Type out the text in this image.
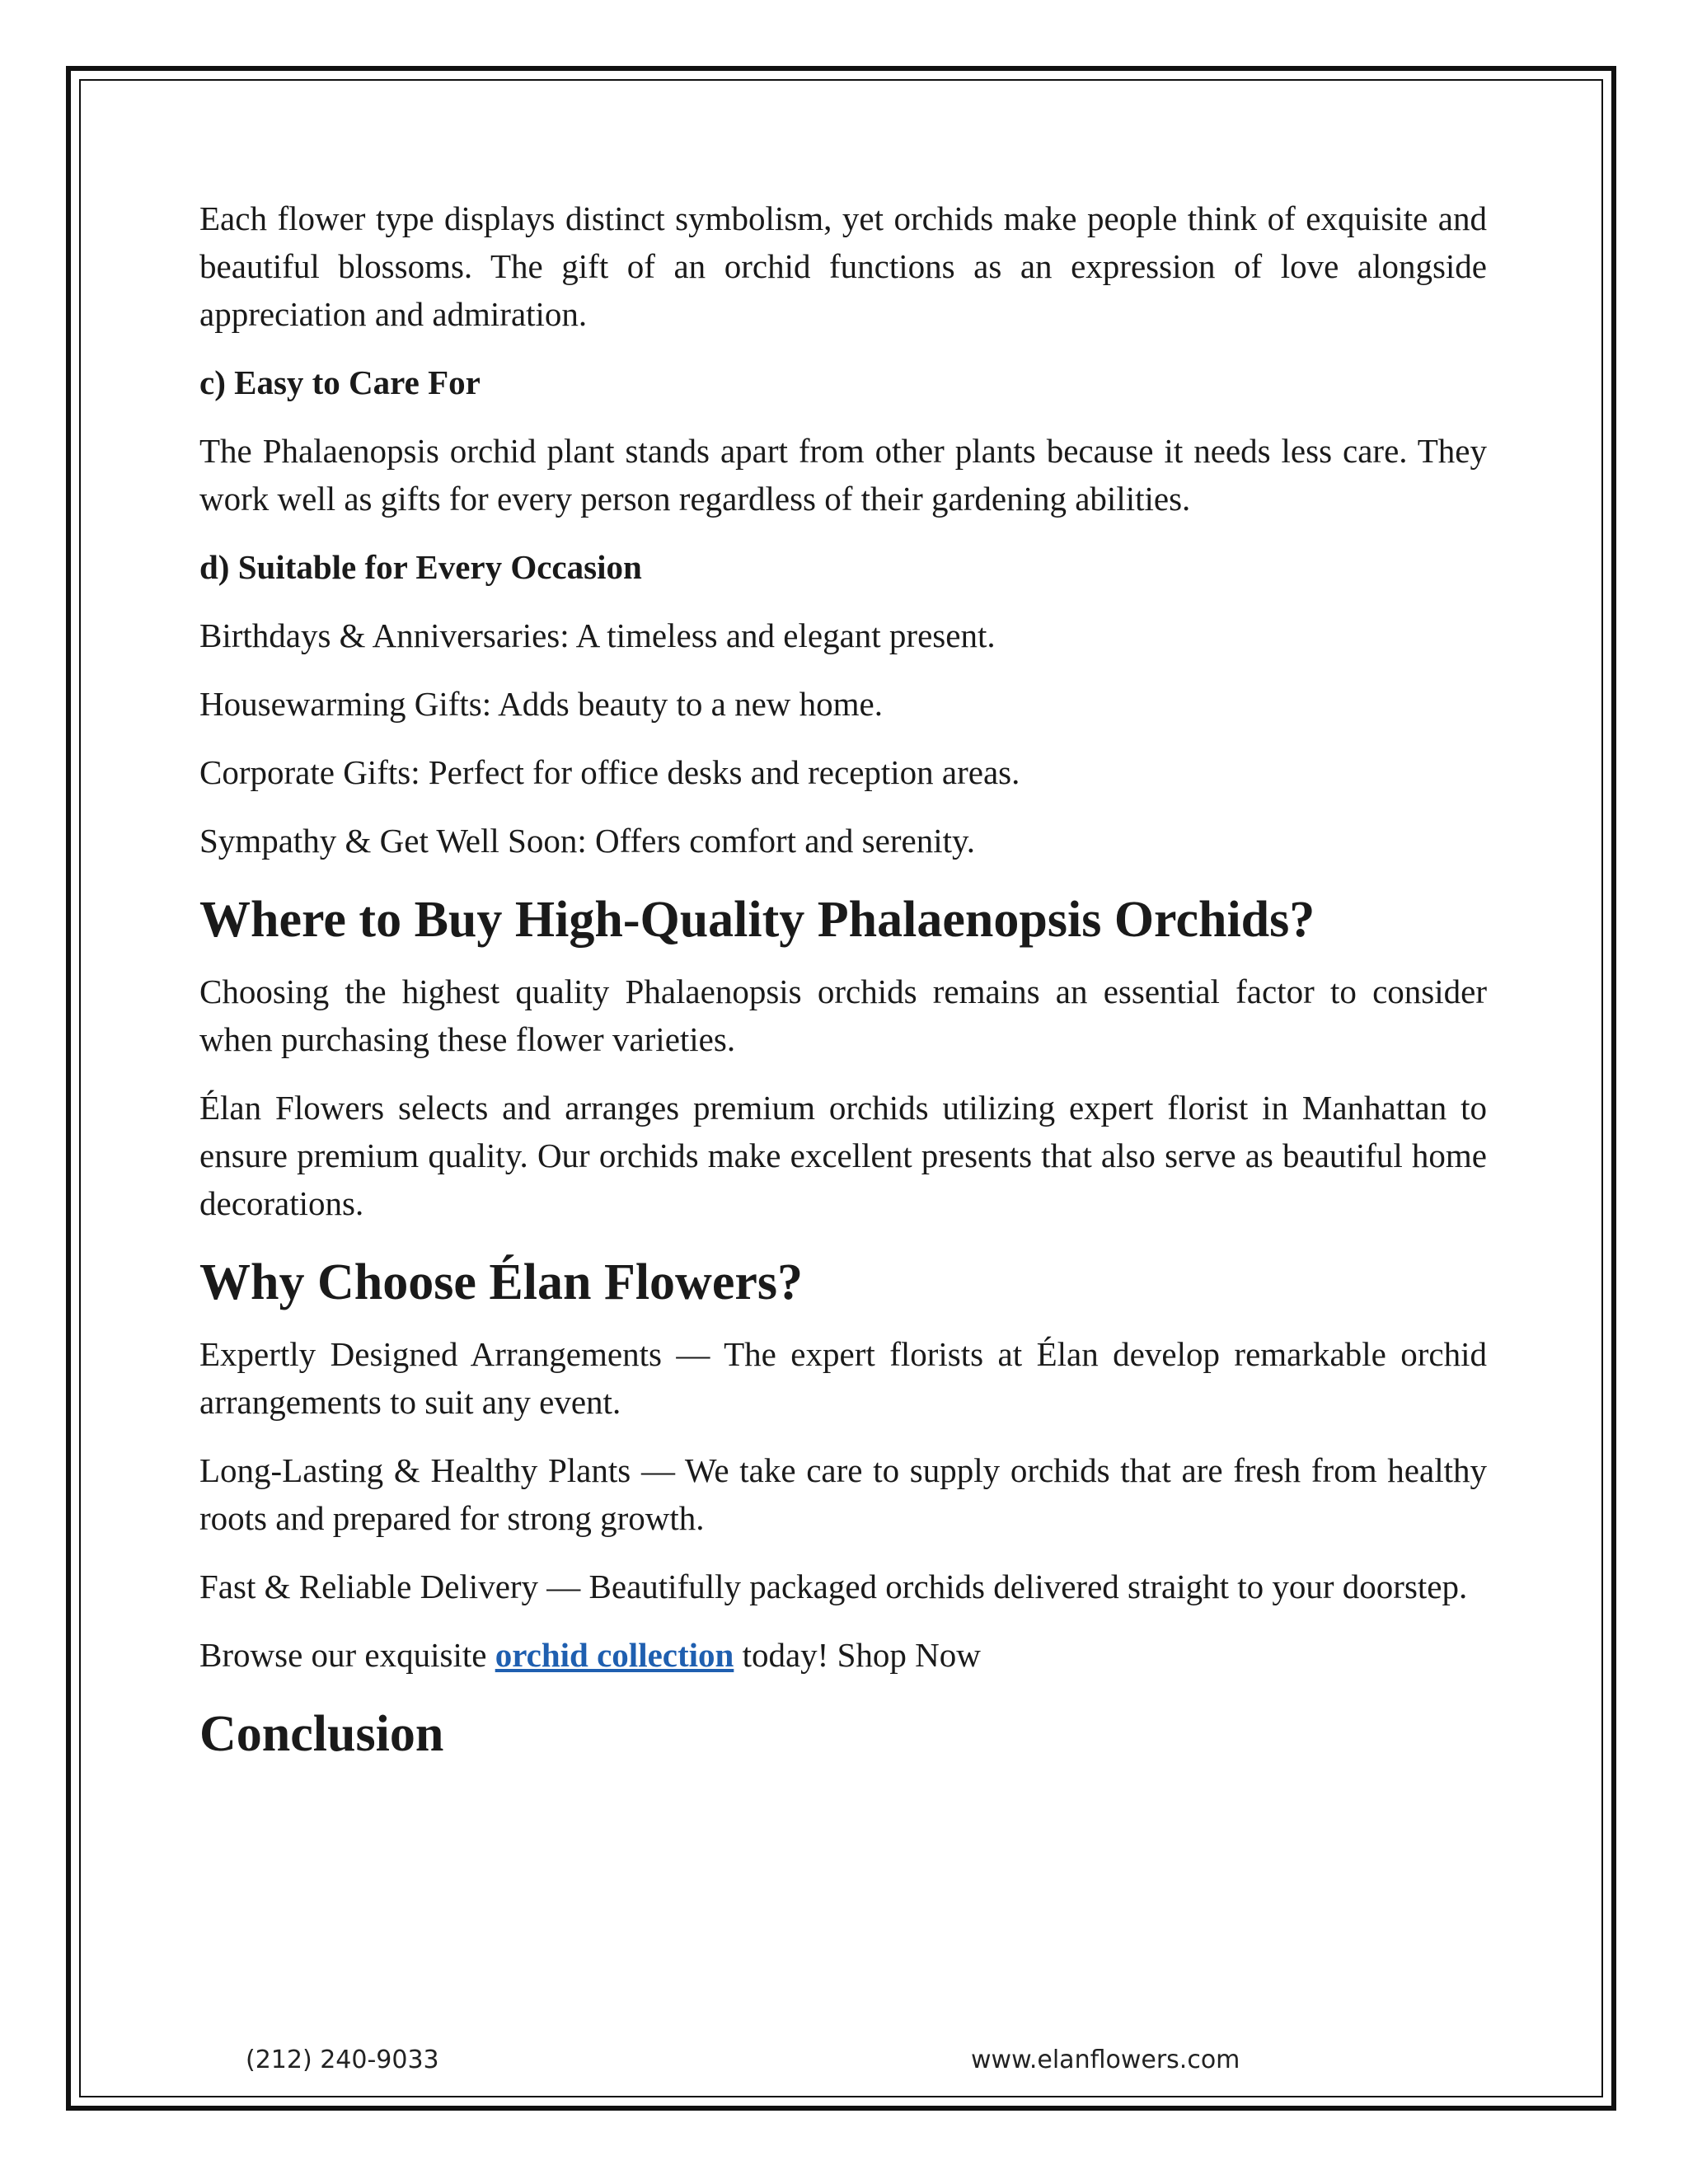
Each flower type displays distinct symbolism, yet orchids make people think of exquisite and beautiful blossoms. The gift of an orchid functions as an expression of love alongside appreciation and admiration.

c) Easy to Care For

The Phalaenopsis orchid plant stands apart from other plants because it needs less care. They work well as gifts for every person regardless of their gardening abilities.

d) Suitable for Every Occasion

Birthdays & Anniversaries: A timeless and elegant present.

Housewarming Gifts: Adds beauty to a new home.

Corporate Gifts: Perfect for office desks and reception areas.

Sympathy & Get Well Soon: Offers comfort and serenity.

Where to Buy High-Quality Phalaenopsis Orchids?

Choosing the highest quality Phalaenopsis orchids remains an essential factor to consider when purchasing these flower varieties.

Élan Flowers selects and arranges premium orchids utilizing expert florist in Manhattan to ensure premium quality. Our orchids make excellent presents that also serve as beautiful home decorations.

Why Choose Élan Flowers?

Expertly Designed Arrangements — The expert florists at Élan develop remarkable orchid arrangements to suit any event.

Long-Lasting & Healthy Plants — We take care to supply orchids that are fresh from healthy roots and prepared for strong growth.

Fast & Reliable Delivery — Beautifully packaged orchids delivered straight to your doorstep.

Browse our exquisite orchid collection today! Shop Now

Conclusion
(212) 240-9033	www.elanflowers.com
